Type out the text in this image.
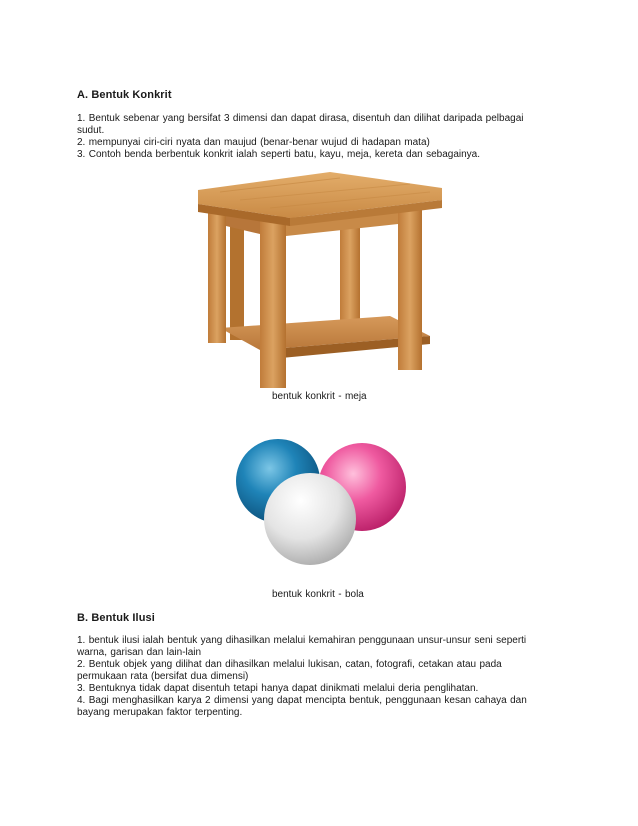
A. Bentuk Konkrit

1. Bentuk sebenar yang bersifat 3 dimensi dan dapat dirasa, disentuh dan dilihat daripada pelbagai sudut.

2. mempunyai ciri-ciri nyata dan maujud (benar-benar wujud di hadapan mata)

3. Contoh benda berbentuk konkrit ialah seperti batu, kayu, meja, kereta dan sebagainya.

bentuk konkrit - meja
bentuk konkrit - bola
B. Bentuk Ilusi

1. bentuk ilusi ialah bentuk yang dihasilkan melalui kemahiran penggunaan unsur-unsur seni seperti warna, garisan dan lain-lain

2. Bentuk objek yang dilihat dan dihasilkan melalui lukisan, catan, fotografi, cetakan atau pada permukaan rata (bersifat dua dimensi)

3. Bentuknya tidak dapat disentuh tetapi hanya dapat dinikmati melalui deria penglihatan.

4. Bagi menghasilkan karya 2 dimensi yang dapat mencipta bentuk, penggunaan kesan cahaya dan bayang merupakan faktor terpenting.
